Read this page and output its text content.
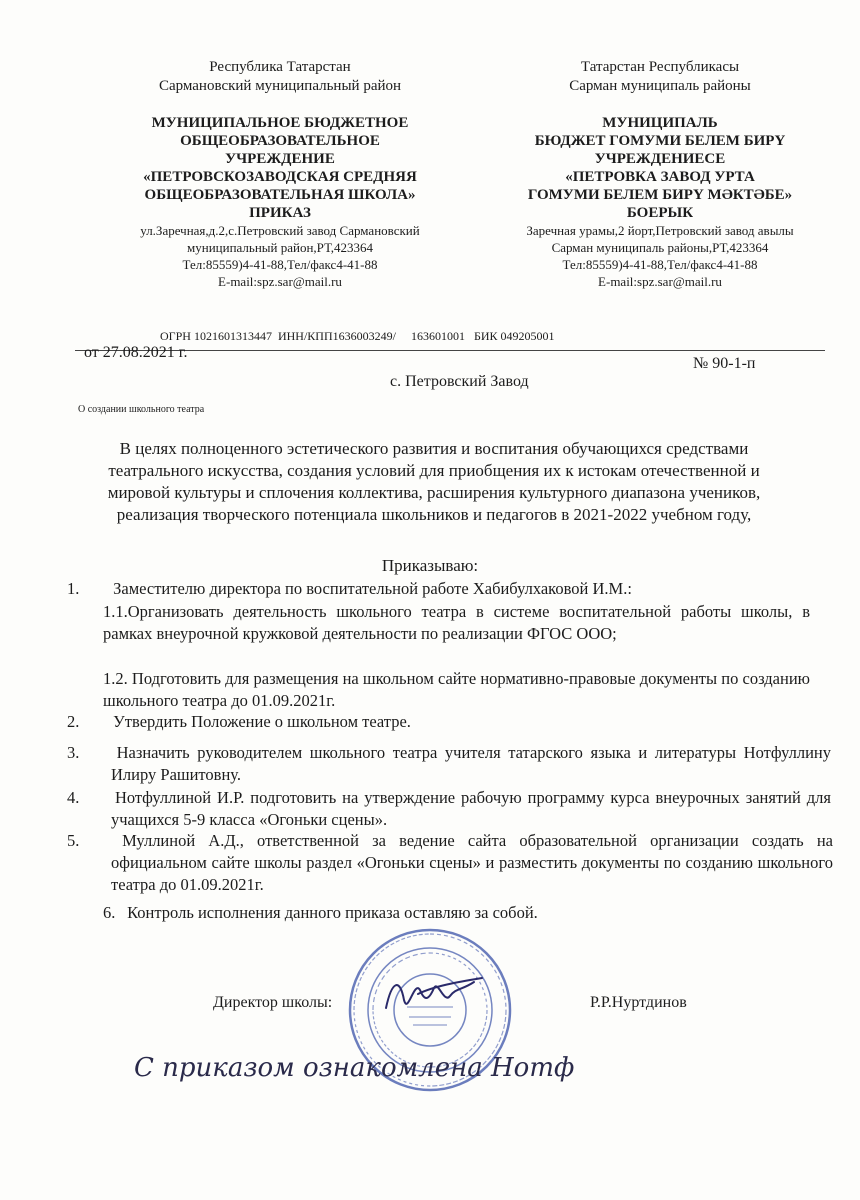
Республика Татарстан
Сармановский муниципальный район
МУНИЦИПАЛЬНОЕ БЮДЖЕТНОЕ
ОБЩЕОБРАЗОВАТЕЛЬНОЕ
УЧРЕЖДЕНИЕ
«ПЕТРОВСКОЗАВОДСКАЯ СРЕДНЯЯ
ОБЩЕОБРАЗОВАТЕЛЬНАЯ ШКОЛА»
ПРИКАЗ
ул.Заречная,д.2,с.Петровский завод Сармановский
муниципальный район,РТ,423364
Тел:85559)4-41-88,Тел/факс4-41-88
E-mail:spz.sar@mail.ru
Татарстан Республикасы
Сарман муниципаль районы
МУНИЦИПАЛЬ
БЮДЖЕТ ГОМУМИ БЕЛЕМ БИРҮ
УЧРЕЖДЕНИЕСЕ
«ПЕТРОВКА ЗАВОД УРТА
ГОМУМИ БЕЛЕМ БИРҮ МӘКТӘБЕ»
БОЕРЫК
Заречная урамы,2 йорт,Петровский завод авылы
Сарман муниципаль районы,РТ,423364
Тел:85559)4-41-88,Тел/факс4-41-88
E-mail:spz.sar@mail.ru
ОГРН 1021601313447  ИНН/КПП1636003249/     163601001   БИК 049205001
от 27.08.2021 г.
№ 90-1-п
с. Петровский Завод
О создании школьного театра
В целях полноценного эстетического развития и воспитания обучающихся средствами театрального искусства, создания условий для приобщения их к истокам отечественной и мировой культуры и сплочения коллектива, расширения культурного диапазона учеников, реализация творческого потенциала школьников и педагогов в 2021-2022 учебном году,
Приказываю:
1. Заместителю директора по воспитательной работе Хабибулхаковой И.М.:
1.1.Организовать деятельность школьного театра в системе воспитательной работы школы, в рамках внеурочной кружковой деятельности по реализации ФГОС ООО;
1.2. Подготовить для размещения на школьном сайте нормативно-правовые документы по созданию школьного театра до 01.09.2021г.
2. Утвердить Положение о школьном театре.
3. Назначить руководителем школьного театра учителя татарского языка и литературы Нотфуллину Илиру Рашитовну.
4. Нотфуллиной И.Р. подготовить на утверждение рабочую программу курса внеурочных занятий для учащихся 5-9 класса «Огоньки сцены».
5.	Муллиной А.Д., ответственной за ведение сайта образовательной организации создать на официальном сайте школы раздел «Огоньки сцены» и разместить документы по созданию школьного театра до 01.09.2021г.
6. Контроль исполнения данного приказа оставляю за собой.
Директор школы:	Р.Р.Нуртдинов
С приказом ознакомлена Нотф
